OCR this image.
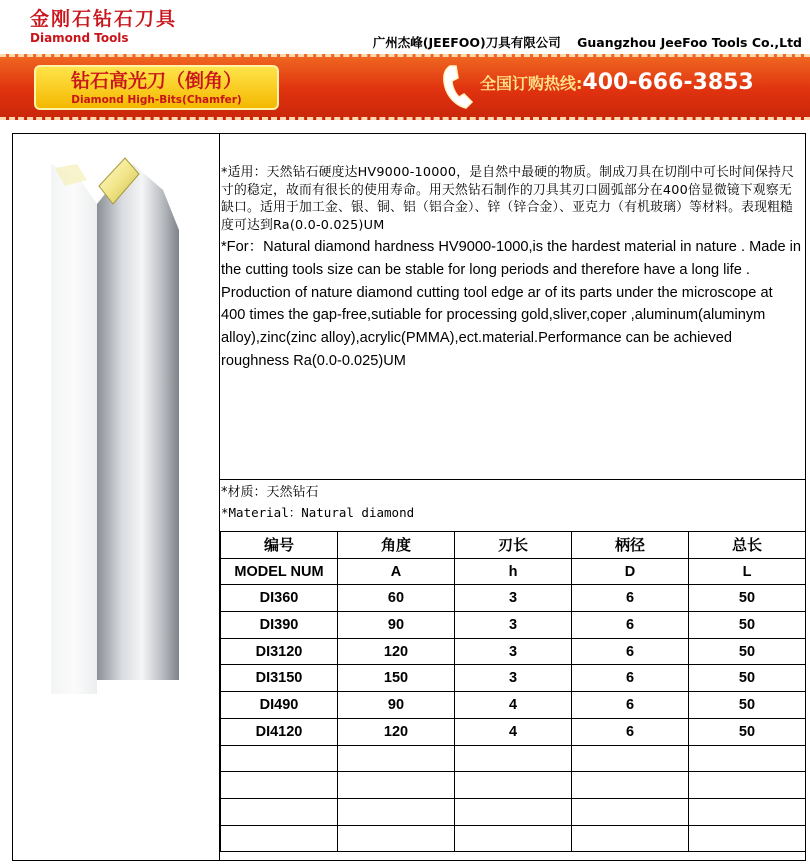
金刚石钻石刀具
Diamond Tools	广州杰峰(JEEFOO)刀具有限公司 Guangzhou JeeFoo Tools Co.,Ltd
钻石高光刀（倒角）
Diamond High-Bits(Chamfer)
全国订购热线:400-666-3853
*适用：天然钻石硬度达HV9000-10000，是自然中最硬的物质。制成刀具在切削中可长时间保持尺寸的稳定，故而有很长的使用寿命。用天然钻石制作的刀具其刃口圆弧部分在400倍显微镜下观察无缺口。适用于加工金、银、铜、铝（铝合金）、锌（锌合金）、亚克力（有机玻璃）等材料。表现粗糙度可达到Ra(0.0-0.025)UM
*For：Natural diamond hardness HV9000-1000,is the hardest material in nature . Made in the cutting tools size can be stable for long periods and therefore have a long life . Production of nature diamond cutting tool edge ar of its parts under the microscope at 400 times the gap-free,sutiable for processing gold,sliver,coper ,aluminum(aluminym alloy),zinc(zinc alloy),acrylic(PMMA),ect.material.Performance can be achieved roughness Ra(0.0-0.025)UM
*材质：天然钻石
*Material：Natural diamond
编号	角度	刃长	柄径	总长
MODEL NUM	A	h	D	L
DI360	60	3	6	50
DI390	90	3	6	50
DI3120	120	3	6	50
DI3150	150	3	6	50
DI490	90	4	6	50
DI4120	120	4	6	50
